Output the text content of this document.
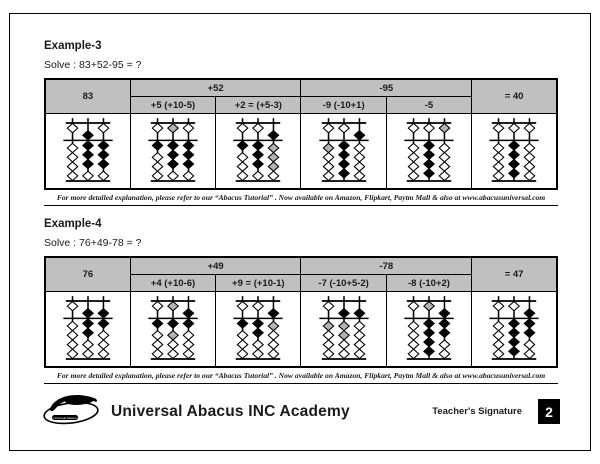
Example-3
Solve : 83+52-95 = ?
83	+52		-95		= 40
	+5 (+10-5)	+2 = (+5-3)	-9 (-10+1)	-5	

For more detailed explanation, please refer to our “Abacus Tutorial” . Now available on Amazon, Flipkart, Paytm Mall & also at www.abacusuniversal.com
Example-4
Solve : 76+49-78 = ?
76	+49		-78		= 47
	+4 (+10-6)	+9 = (+10-1)	-7 (-10+5-2)	-8 (-10+2)	

For more detailed explanation, please refer to our “Abacus Tutorial” . Now available on Amazon, Flipkart, Paytm Mall & also at www.abacusuniversal.com
Universal Abacus Universal Abacus INC Academy	Teacher's Signature	2
